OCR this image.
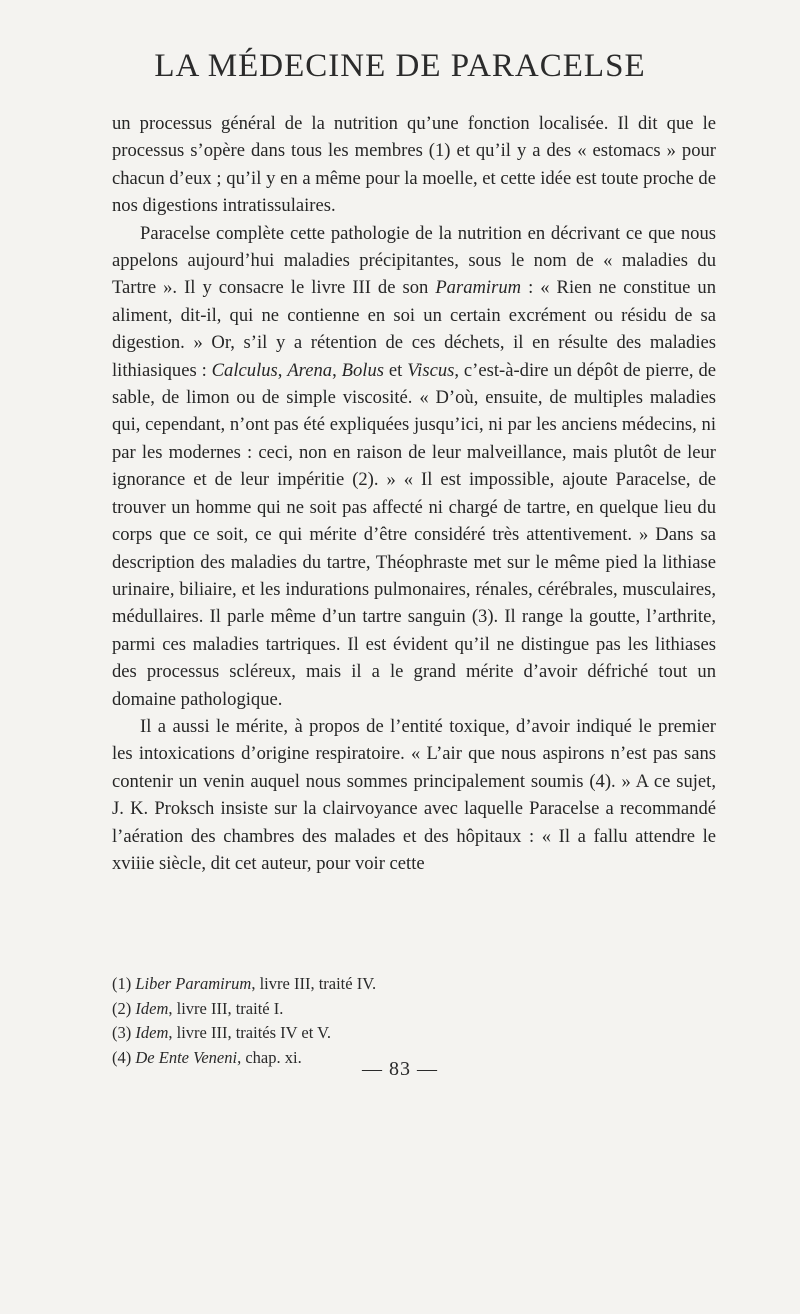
LA MÉDECINE DE PARACELSE

un processus général de la nutrition qu’une fonction localisée. Il dit que le processus s’opère dans tous les membres (1) et qu’il y a des « estomacs » pour chacun d’eux ; qu’il y en a même pour la moelle, et cette idée est toute proche de nos digestions intratissulaires.

Paracelse complète cette pathologie de la nutrition en décrivant ce que nous appelons aujourd’hui maladies précipitantes, sous le nom de « maladies du Tartre ». Il y consacre le livre III de son Paramirum : « Rien ne constitue un aliment, dit-il, qui ne contienne en soi un certain excrément ou résidu de sa digestion. » Or, s’il y a rétention de ces déchets, il en résulte des maladies lithiasiques : Calculus, Arena, Bolus et Viscus, c’est-à-dire un dépôt de pierre, de sable, de limon ou de simple viscosité. « D’où, ensuite, de multiples maladies qui, cependant, n’ont pas été expliquées jusqu’ici, ni par les anciens médecins, ni par les modernes : ceci, non en raison de leur malveillance, mais plutôt de leur ignorance et de leur impéritie (2). » « Il est impossible, ajoute Paracelse, de trouver un homme qui ne soit pas affecté ni chargé de tartre, en quelque lieu du corps que ce soit, ce qui mérite d’être considéré très attentivement. » Dans sa description des maladies du tartre, Théophraste met sur le même pied la lithiase urinaire, biliaire, et les indurations pulmonaires, rénales, cérébrales, musculaires, médullaires. Il parle même d’un tartre sanguin (3). Il range la goutte, l’arthrite, parmi ces maladies tartriques. Il est évident qu’il ne distingue pas les lithiases des processus scléreux, mais il a le grand mérite d’avoir défriché tout un domaine pathologique.

Il a aussi le mérite, à propos de l’entité toxique, d’avoir indiqué le premier les intoxications d’origine respiratoire. « L’air que nous aspirons n’est pas sans contenir un venin auquel nous sommes principalement soumis (4). » A ce sujet, J. K. Proksch insiste sur la clairvoyance avec laquelle Paracelse a recommandé l’aération des chambres des malades et des hôpitaux : « Il a fallu attendre le xviiie siècle, dit cet auteur, pour voir cette

(1) Liber Paramirum, livre III, traité IV.
(2) Idem, livre III, traité I.
(3) Idem, livre III, traités IV et V.
(4) De Ente Veneni, chap. xi.
— 83 —
